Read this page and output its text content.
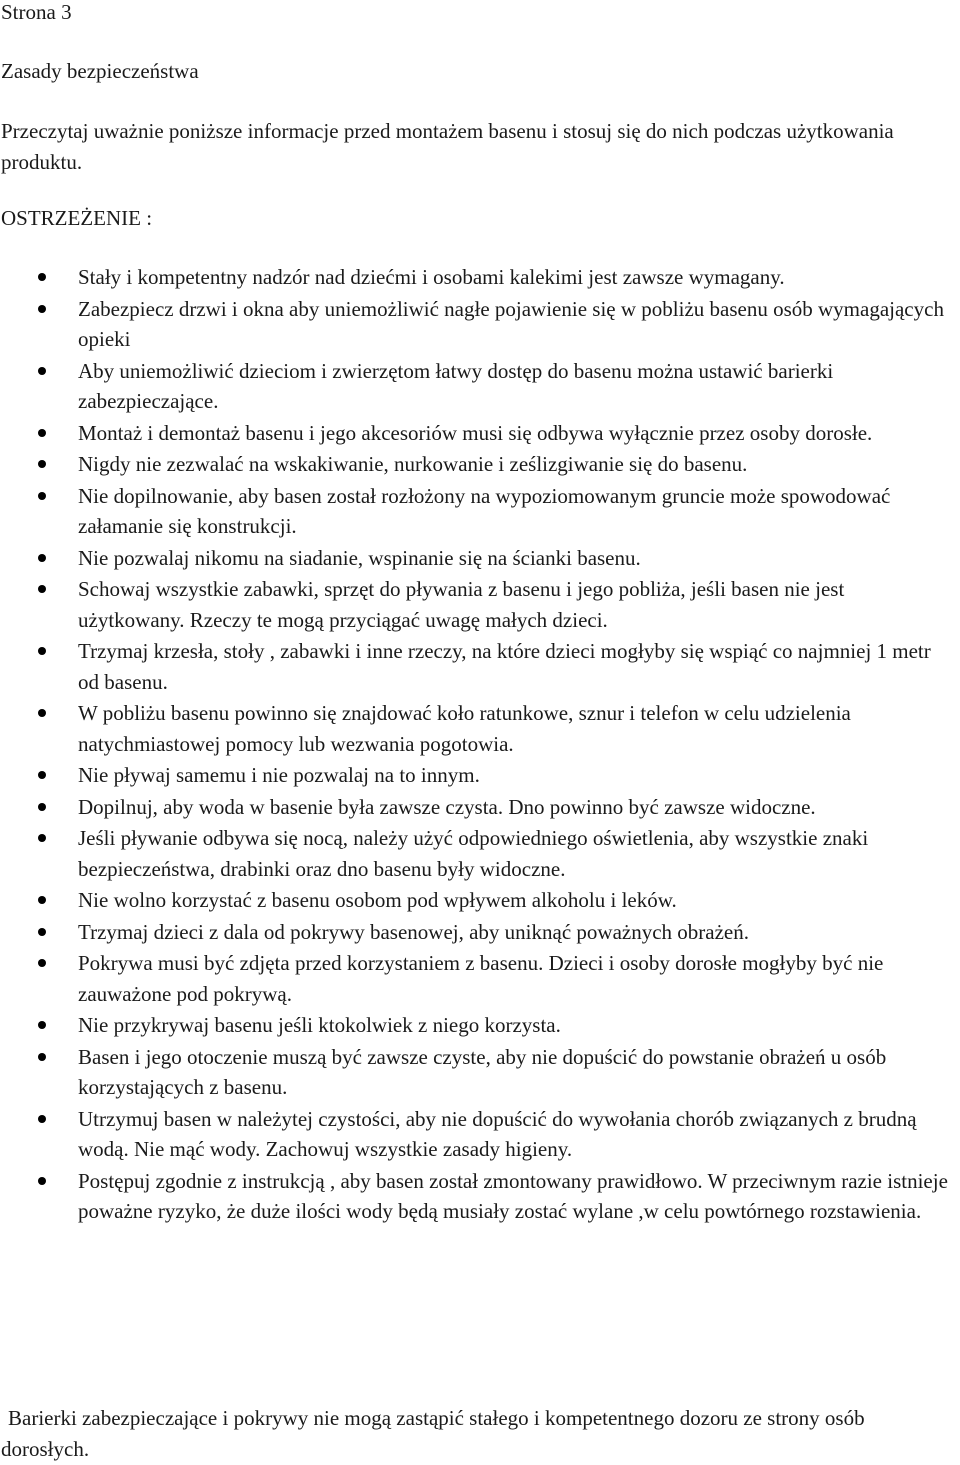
Strona 3

Zasady bezpieczeństwa

Przeczytaj uważnie poniższe informacje przed montażem basenu i stosuj się do nich podczas użytkowania produktu.

OSTRZEŻENIE :
Stały i kompetentny nadzór nad dziećmi i osobami kalekimi jest zawsze wymagany.
Zabezpiecz drzwi i okna aby uniemożliwić nagłe pojawienie się w pobliżu basenu osób wymagających opieki
Aby uniemożliwić dzieciom i zwierzętom łatwy dostęp do basenu można ustawić barierki zabezpieczające.
Montaż i demontaż basenu i jego akcesoriów musi się odbywa wyłącznie przez osoby dorosłe.
Nigdy nie zezwalać na wskakiwanie, nurkowanie i ześlizgiwanie się do basenu.
Nie dopilnowanie, aby basen został rozłożony na wypoziomowanym gruncie może spowodować załamanie się konstrukcji.
Nie pozwalaj nikomu na siadanie, wspinanie się na ścianki basenu.
Schowaj wszystkie zabawki, sprzęt do pływania z basenu i jego pobliża, jeśli basen nie jest użytkowany. Rzeczy te mogą przyciągać uwagę małych dzieci.
Trzymaj krzesła, stoły , zabawki i inne rzeczy, na które dzieci mogłyby się wspiąć co najmniej 1 metr od basenu.
W pobliżu basenu powinno się znajdować koło ratunkowe, sznur i telefon w celu udzielenia natychmiastowej pomocy lub wezwania pogotowia.
Nie pływaj samemu i nie pozwalaj na to innym.
Dopilnuj, aby woda w basenie była zawsze czysta. Dno powinno być zawsze widoczne.
Jeśli pływanie odbywa się nocą, należy użyć odpowiedniego oświetlenia, aby wszystkie znaki bezpieczeństwa, drabinki oraz dno basenu były widoczne.
Nie wolno korzystać z basenu osobom pod wpływem alkoholu i leków.
Trzymaj dzieci z dala od pokrywy basenowej, aby uniknąć poważnych obrażeń.
Pokrywa musi być zdjęta przed korzystaniem z basenu. Dzieci i osoby dorosłe mogłyby być nie zauważone pod pokrywą.
Nie przykrywaj basenu jeśli ktokolwiek z niego korzysta.
Basen i jego otoczenie muszą być zawsze czyste, aby nie dopuścić do powstanie obrażeń u osób korzystających z basenu.
Utrzymuj basen w należytej czystości, aby nie dopuścić do wywołania chorób związanych z brudną wodą. Nie mąć wody. Zachowuj wszystkie zasady higieny.
Postępuj zgodnie z instrukcją , aby basen został zmontowany prawidłowo. W przeciwnym razie istnieje poważne ryzyko, że duże ilości wody będą musiały zostać wylane ,w celu powtórnego rozstawienia.

Barierki zabezpieczające i pokrywy nie mogą zastąpić stałego i kompetentnego dozoru ze strony osób dorosłych.
